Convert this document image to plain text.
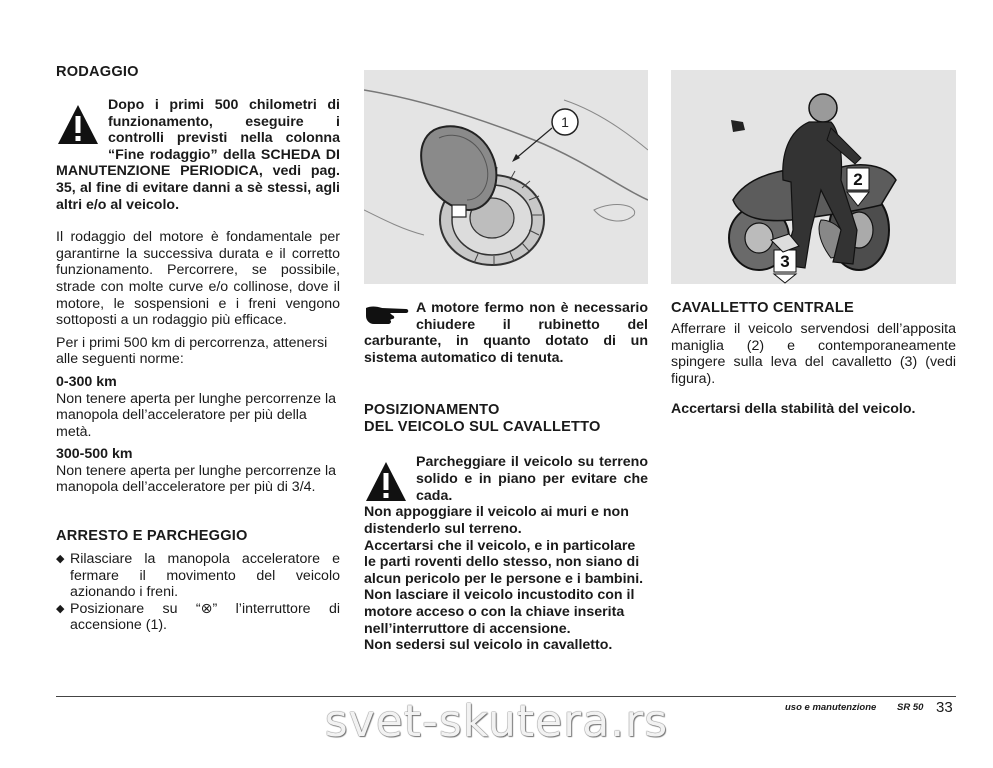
RODAGGIO
Dopo i primi 500 chilometri di funzionamento, eseguire i controlli previsti nella colonna “Fine rodaggio” della SCHEDA DI MANUTENZIONE PERIODICA, vedi pag. 35, al fine di evitare danni a sè stessi, agli altri e/o al veicolo.

Il rodaggio del motore è fondamentale per garantirne la successiva durata e il corretto funzionamento. Percorrere, se possibile, strade con molte curve e/o collinose, dove il motore, le sospensioni e i freni vengono sottoposti a un rodaggio più efficace.

Per i primi 500 km di percorrenza, attenersi alle seguenti norme:

0-300 km

Non tenere aperta per lunghe percorrenze la manopola dell’acceleratore per più della metà.

300-500 km

Non tenere aperta per lunghe percorrenze la manopola dell’acceleratore per più di 3/4.

ARRESTO E PARCHEGGIO
◆ Rilasciare la manopola acceleratore e fermare il movimento del veicolo azionando i freni.
◆ Posizionare su “⊗” l’interruttore di accensione (1).
1
A motore fermo non è necessario chiudere il rubinetto del carburante, in quanto dotato di un sistema automatico di tenuta.
POSIZIONAMENTO
DEL VEICOLO SUL CAVALLETTO
Parcheggiare il veicolo su terreno solido e in piano per evitare che cada.

Non appoggiare il veicolo ai muri e non distenderlo sul terreno.

Accertarsi che il veicolo, e in particolare le parti roventi dello stesso, non siano di alcun pericolo per le persone e i bambini.

Non lasciare il veicolo incustodito con il motore acceso o con la chiave inserita nell’interruttore di accensione.

Non sedersi sul veicolo in cavalletto.

2
3
CAVALLETTO CENTRALE

Afferrare il veicolo servendosi dell’apposita maniglia (2) e contemporaneamente spingere sulla leva del cavalletto (3) (vedi figura).

Accertarsi della stabilità del veicolo.

uso e manutenzione SR 50 33
svet-skutera.rs
